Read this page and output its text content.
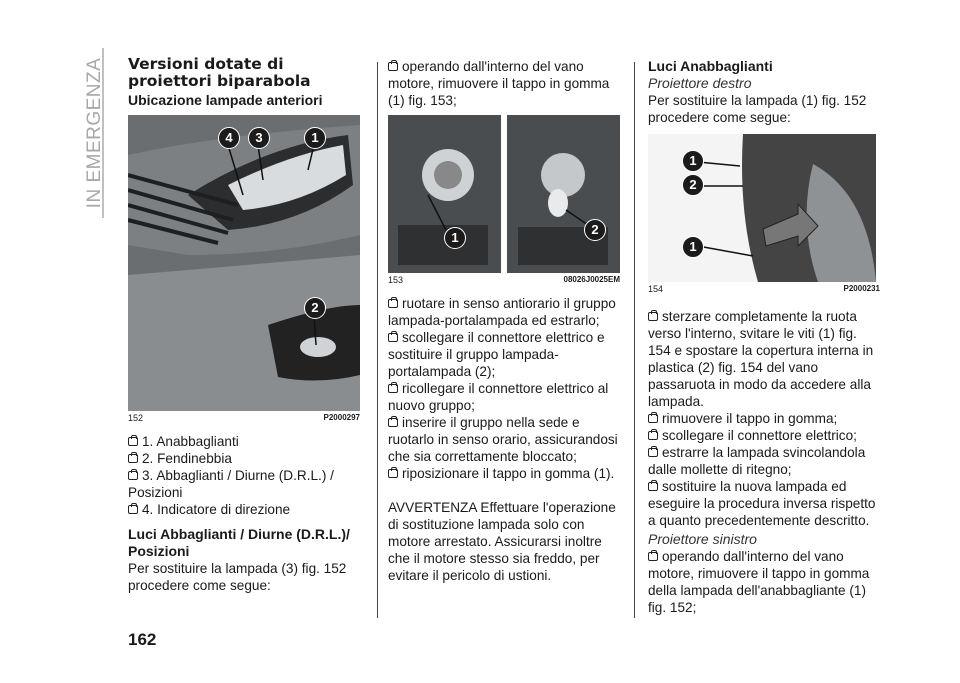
IN EMERGENZA
162
Versioni dotate di proiettori biparabola
Ubicazione lampade anteriori
4	3	1
2
152	P2000297
1. Anabbaglianti
2. Fendinebbia
3. Abbaglianti / Diurne (D.R.L.) / Posizioni
4. Indicatore di direzione
Luci Abbaglianti / Diurne (D.R.L.)/ Posizioni

Per sostituire la lampada (3) fig. 152 procedere come segue:

operando dall'interno del vano motore, rimuovere il tappo in gomma (1) fig. 153;
1
2
153	08026J0025EM
ruotare in senso antiorario il gruppo lampada-portalampada ed estrarlo;
scollegare il connettore elettrico e sostituire il gruppo lampada-portalampada (2);
ricollegare il connettore elettrico al nuovo gruppo;
inserire il gruppo nella sede e ruotarlo in senso orario, assicurandosi che sia correttamente bloccato;
riposizionare il tappo in gomma (1).

AVVERTENZA Effettuare l'operazione di sostituzione lampada solo con motore arrestato. Assicurarsi inoltre che il motore stesso sia freddo, per evitare il pericolo di ustioni.

Luci Anabbaglianti
Proiettore destro

Per sostituire la lampada (1) fig. 152 procedere come segue:

1
2
1
154	P2000231
sterzare completamente la ruota verso l'interno, svitare le viti (1) fig. 154 e spostare la copertura interna in plastica (2) fig. 154 del vano passaruota in modo da accedere alla lampada.
rimuovere il tappo in gomma;
scollegare il connettore elettrico;
estrarre la lampada svincolandola dalle mollette di ritegno;
sostituire la nuova lampada ed eseguire la procedura inversa rispetto a quanto precedentemente descritto.
Proiettore sinistro
operando dall'interno del vano motore, rimuovere il tappo in gomma della lampada dell'anabbagliante (1) fig. 152;
